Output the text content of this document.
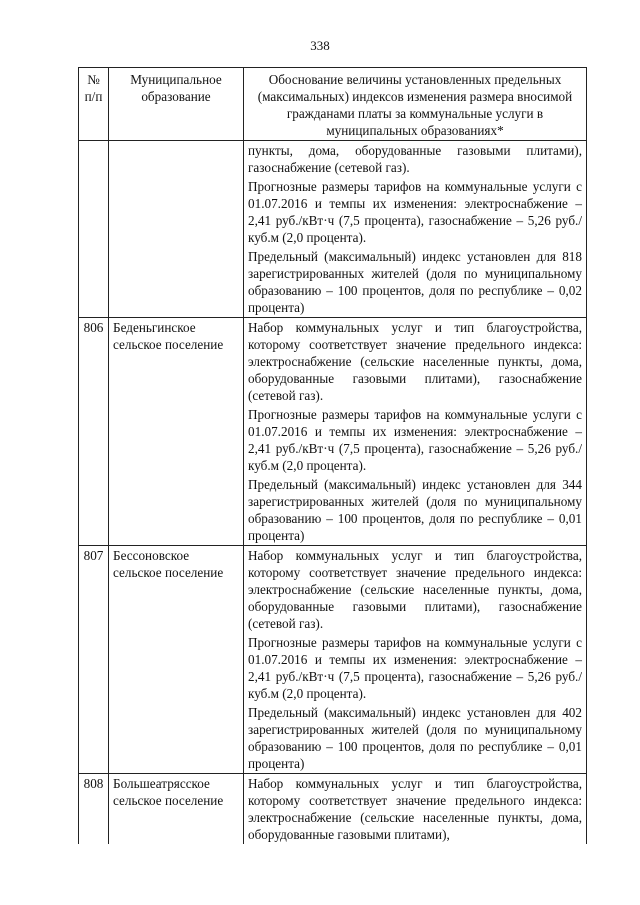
338
№ п/п	Муниципальное образование	Обоснование величины установленных предельных (максимальных) индексов изменения размера вносимой гражданами платы за коммунальные услуги в муниципальных образованиях*

		пункты, дома, оборудованные газовыми плитами), газоснабжение (сетевой газ).

Прогнозные размеры тарифов на коммунальные услуги с 01.07.2016 и темпы их изменения: электроснабжение – 2,41 руб./кВт·ч (7,5 процента), газоснабжение – 5,26 руб./куб.м (2,0 процента).

Предельный (максимальный) индекс установлен для 818 зарегистрированных жителей (доля по муниципальному образованию – 100 процентов, доля по республике – 0,02 процента)

806	Беденьгинское сельское поселение	Набор коммунальных услуг и тип благоустройства, которому соответствует значение предельного индекса: электроснабжение (сельские населенные пункты, дома, оборудованные газовыми плитами), газоснабжение (сетевой газ).

Прогнозные размеры тарифов на коммунальные услуги с 01.07.2016 и темпы их изменения: электроснабжение – 2,41 руб./кВт·ч (7,5 процента), газоснабжение – 5,26 руб./куб.м (2,0 процента).

Предельный (максимальный) индекс установлен для 344 зарегистрированных жителей (доля по муниципальному образованию – 100 процентов, доля по республике – 0,01 процента)

807	Бессоновское сельское поселение	Набор коммунальных услуг и тип благоустройства, которому соответствует значение предельного индекса: электроснабжение (сельские населенные пункты, дома, оборудованные газовыми плитами), газоснабжение (сетевой газ).

Прогнозные размеры тарифов на коммунальные услуги с 01.07.2016 и темпы их изменения: электроснабжение – 2,41 руб./кВт·ч (7,5 процента), газоснабжение – 5,26 руб./куб.м (2,0 процента).

Предельный (максимальный) индекс установлен для 402 зарегистрированных жителей (доля по муниципальному образованию – 100 процентов, доля по республике – 0,01 процента)

808	Большеатрясское сельское поселение	Набор коммунальных услуг и тип благоустройства, которому соответствует значение предельного индекса: электроснабжение (сельские населенные пункты, дома, оборудованные газовыми плитами),
